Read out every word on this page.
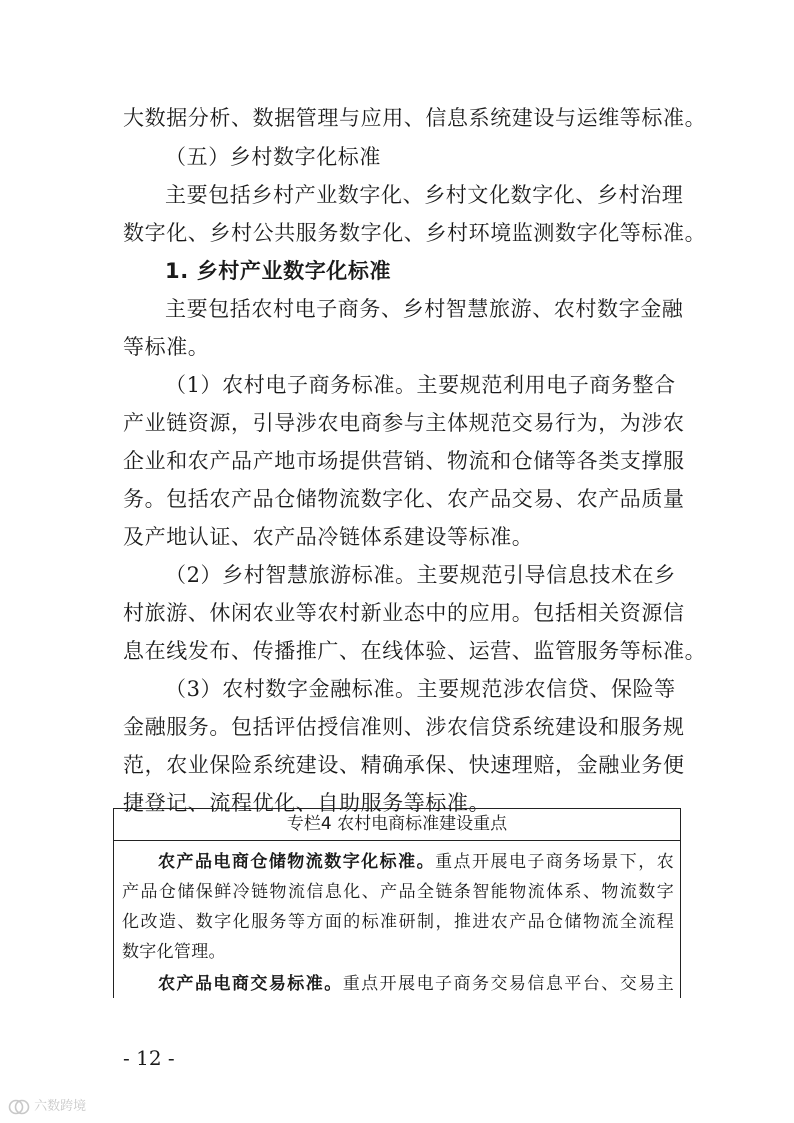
大数据分析、数据管理与应用、信息系统建设与运维等标准。
（五）乡村数字化标准
主要包括乡村产业数字化、乡村文化数字化、乡村治理
数字化、乡村公共服务数字化、乡村环境监测数字化等标准。
1. 乡村产业数字化标准
主要包括农村电子商务、乡村智慧旅游、农村数字金融
等标准。
（1）农村电子商务标准。主要规范利用电子商务整合
产业链资源，引导涉农电商参与主体规范交易行为，为涉农
企业和农产品产地市场提供营销、物流和仓储等各类支撑服
务。包括农产品仓储物流数字化、农产品交易、农产品质量
及产地认证、农产品冷链体系建设等标准。
（2）乡村智慧旅游标准。主要规范引导信息技术在乡
村旅游、休闲农业等农村新业态中的应用。包括相关资源信
息在线发布、传播推广、在线体验、运营、监管服务等标准。
（3）农村数字金融标准。主要规范涉农信贷、保险等
金融服务。包括评估授信准则、涉农信贷系统建设和服务规
范，农业保险系统建设、精确承保、快速理赔，金融业务便
捷登记、流程优化、自助服务等标准。
专栏4 农村电商标准建设重点
农产品电商仓储物流数字化标准。重点开展电子商务场景下，农
产品仓储保鲜冷链物流信息化、产品全链条智能物流体系、物流数字
化改造、数字化服务等方面的标准研制，推进农产品仓储物流全流程
数字化管理。
农产品电商交易标准。重点开展电子商务交易信息平台、交易主
- 12 -
六数跨境
